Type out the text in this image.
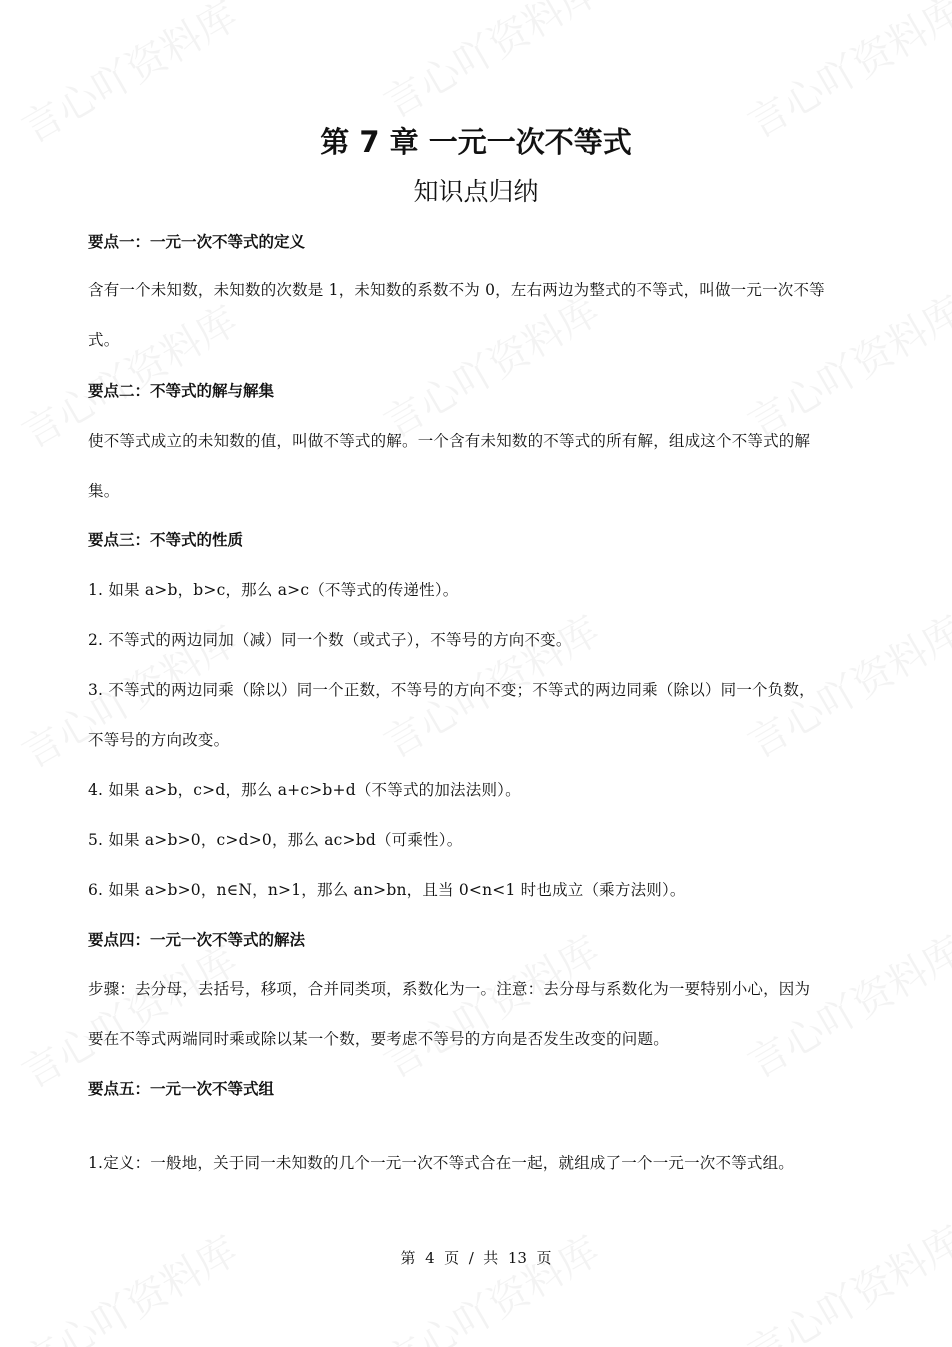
第 7 章 一元一次不等式
知识点归纳
要点一：一元一次不等式的定义
含有一个未知数，未知数的次数是 1，未知数的系数不为 0，左右两边为整式的不等式，叫做一元一次不等
式。
要点二：不等式的解与解集
使不等式成立的未知数的值，叫做不等式的解。一个含有未知数的不等式的所有解，组成这个不等式的解
集。
要点三：不等式的性质
1. 如果 a>b，b>c，那么 a>c（不等式的传递性）。
2. 不等式的两边同加（减）同一个数（或式子），不等号的方向不变。
3. 不等式的两边同乘（除以）同一个正数，不等号的方向不变；不等式的两边同乘（除以）同一个负数，
不等号的方向改变。
4. 如果 a>b，c>d，那么 a+c>b+d（不等式的加法法则）。
5. 如果 a>b>0，c>d>0，那么 ac>bd（可乘性）。
6. 如果 a>b>0，n∈N，n>1，那么 an>bn，且当 0<n<1 时也成立（乘方法则）。
要点四：一元一次不等式的解法
步骤：去分母，去括号，移项，合并同类项，系数化为一。注意：去分母与系数化为一要特别小心，因为
要在不等式两端同时乘或除以某一个数，要考虑不等号的方向是否发生改变的问题。
要点五：一元一次不等式组
1.定义：一般地，关于同一未知数的几个一元一次不等式合在一起，就组成了一个一元一次不等式组。
第  4  页  /  共  13  页
